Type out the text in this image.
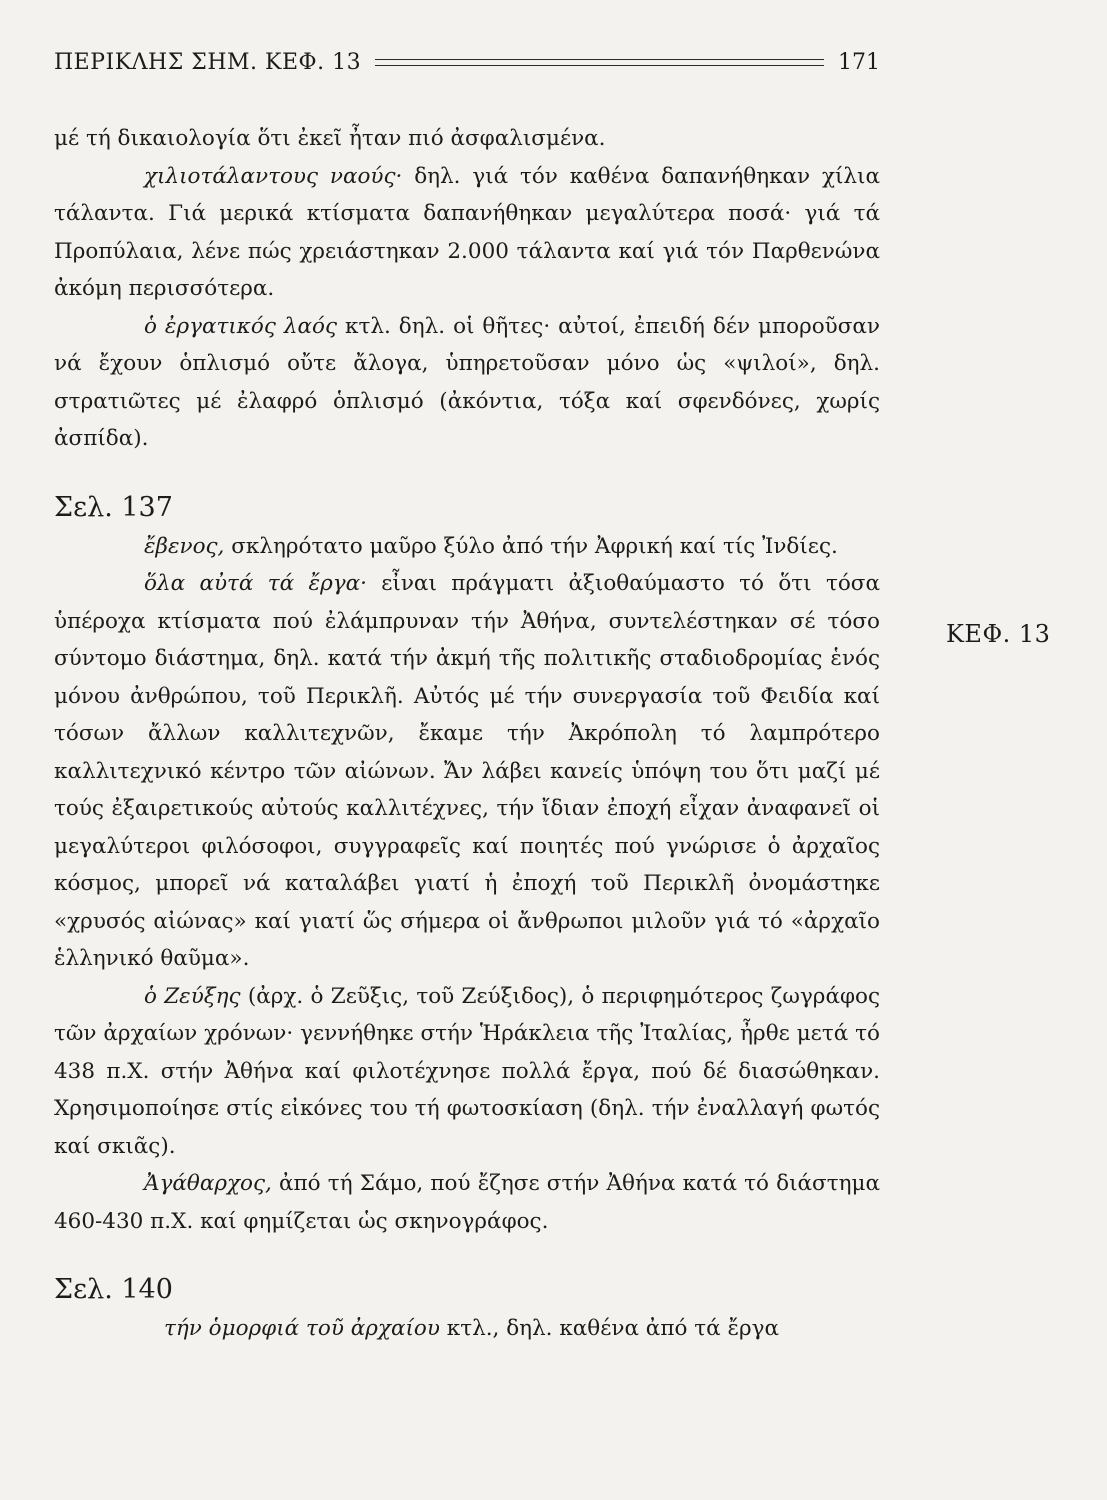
ΠΕΡΙΚΛΗΣ ΣΗΜ. ΚΕΦ. 13	171
μέ τή δικαιολογία ὅτι ἐκεῖ ἦταν πιό ἀσφαλισμένα.
χιλιοτάλαντους ναούς· δηλ. γιά τόν καθένα δαπανήθηκαν χίλια τάλαντα. Γιά μερικά κτίσματα δαπανήθηκαν μεγαλύτερα ποσά· γιά τά Προπύλαια, λένε πώς χρειάστηκαν 2.000 τάλαντα καί γιά τόν Παρθενώνα ἀκόμη περισσότερα.
ὁ ἐργατικός λαός κτλ. δηλ. οἱ θῆτες· αὐτοί, ἐπειδή δέν μποροῦσαν νά ἔχουν ὁπλισμό οὔτε ἄλογα, ὑπηρετοῦσαν μόνο ὡς «ψιλοί», δηλ. στρατιῶτες μέ ἐλαφρό ὁπλισμό (ἀκόντια, τόξα καί σφενδόνες, χωρίς ἀσπίδα).
Σελ. 137
ἔβενος, σκληρότατο μαῦρο ξύλο ἀπό τήν Ἀφρική καί τίς Ἰνδίες.
ὅλα αὐτά τά ἔργα· εἶναι πράγματι ἀξιοθαύμαστο τό ὅτι τόσα ὑπέροχα κτίσματα πού ἐλάμπρυναν τήν Ἀθήνα, συντελέστηκαν σέ τόσο σύντομο διάστημα, δηλ. κατά τήν ἀκμή τῆς πολιτικῆς σταδιοδρομίας ἑνός μόνου ἀνθρώπου, τοῦ Περικλῆ. Αὐτός μέ τήν συνεργασία τοῦ Φειδία καί τόσων ἄλλων καλλιτεχνῶν, ἔκαμε τήν Ἀκρόπολη τό λαμπρότερο καλλιτεχνικό κέντρο τῶν αἰώνων. Ἄν λάβει κανείς ὑπόψη του ὅτι μαζί μέ τούς ἐξαιρετικούς αὐτούς καλλιτέχνες, τήν ἴδιαν ἐποχή εἶχαν ἀναφανεῖ οἱ μεγαλύτεροι φιλόσοφοι, συγγραφεῖς καί ποιητές πού γνώρισε ὁ ἀρχαῖος κόσμος, μπορεῖ νά καταλάβει γιατί ἡ ἐποχή τοῦ Περικλῆ ὀνομάστηκε «χρυσός αἰώνας» καί γιατί ὥς σήμερα οἱ ἄνθρωποι μιλοῦν γιά τό «ἀρχαῖο ἑλληνικό θαῦμα».
ὁ Ζεύξης (ἀρχ. ὁ Ζεῦξις, τοῦ Ζεύξιδος), ὁ περιφημότερος ζωγράφος τῶν ἀρχαίων χρόνων· γεννήθηκε στήν Ἡράκλεια τῆς Ἰταλίας, ἦρθε μετά τό 438 π.Χ. στήν Ἀθήνα καί φιλοτέχνησε πολλά ἔργα, πού δέ διασώθηκαν. Χρησιμοποίησε στίς εἰκόνες του τή φωτοσκίαση (δηλ. τήν ἐναλλαγή φωτός καί σκιᾶς).
Ἀγάθαρχος, ἀπό τή Σάμο, πού ἔζησε στήν Ἀθήνα κατά τό διάστημα 460-430 π.Χ. καί φημίζεται ὡς σκηνογράφος.
Σελ. 140
τήν ὁμορφιά τοῦ ἀρχαίου κτλ., δηλ. καθένα ἀπό τά ἔργα
ΚΕΦ. 13
